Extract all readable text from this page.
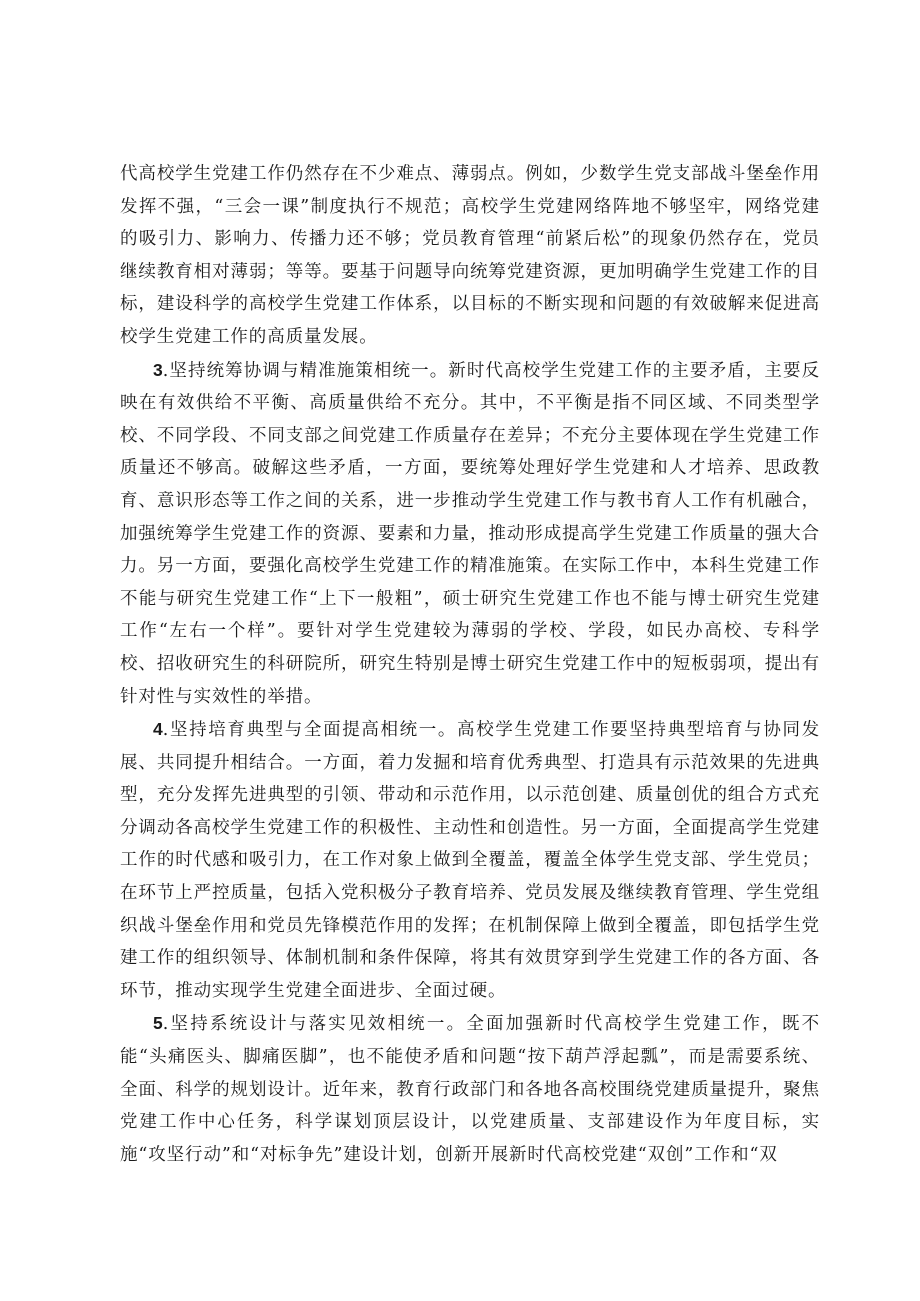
代高校学生党建工作仍然存在不少难点、薄弱点。例如，少数学生党支部战斗堡垒作用发挥不强，“三会一课”制度执行不规范；高校学生党建网络阵地不够坚牢，网络党建的吸引力、影响力、传播力还不够；党员教育管理“前紧后松”的现象仍然存在，党员继续教育相对薄弱；等等。要基于问题导向统筹党建资源，更加明确学生党建工作的目标，建设科学的高校学生党建工作体系，以目标的不断实现和问题的有效破解来促进高校学生党建工作的高质量发展。

3.坚持统筹协调与精准施策相统一。新时代高校学生党建工作的主要矛盾，主要反映在有效供给不平衡、高质量供给不充分。其中，不平衡是指不同区域、不同类型学校、不同学段、不同支部之间党建工作质量存在差异；不充分主要体现在学生党建工作质量还不够高。破解这些矛盾，一方面，要统筹处理好学生党建和人才培养、思政教育、意识形态等工作之间的关系，进一步推动学生党建工作与教书育人工作有机融合，加强统筹学生党建工作的资源、要素和力量，推动形成提高学生党建工作质量的强大合力。另一方面，要强化高校学生党建工作的精准施策。在实际工作中，本科生党建工作不能与研究生党建工作“上下一般粗”，硕士研究生党建工作也不能与博士研究生党建工作“左右一个样”。要针对学生党建较为薄弱的学校、学段，如民办高校、专科学校、招收研究生的科研院所，研究生特别是博士研究生党建工作中的短板弱项，提出有针对性与实效性的举措。

4.坚持培育典型与全面提高相统一。高校学生党建工作要坚持典型培育与协同发展、共同提升相结合。一方面，着力发掘和培育优秀典型、打造具有示范效果的先进典型，充分发挥先进典型的引领、带动和示范作用，以示范创建、质量创优的组合方式充分调动各高校学生党建工作的积极性、主动性和创造性。另一方面，全面提高学生党建工作的时代感和吸引力，在工作对象上做到全覆盖，覆盖全体学生党支部、学生党员；在环节上严控质量，包括入党积极分子教育培养、党员发展及继续教育管理、学生党组织战斗堡垒作用和党员先锋模范作用的发挥；在机制保障上做到全覆盖，即包括学生党建工作的组织领导、体制机制和条件保障，将其有效贯穿到学生党建工作的各方面、各环节，推动实现学生党建全面进步、全面过硬。

5.坚持系统设计与落实见效相统一。全面加强新时代高校学生党建工作，既不能“头痛医头、脚痛医脚”，也不能使矛盾和问题“按下葫芦浮起瓢”，而是需要系统、全面、科学的规划设计。近年来，教育行政部门和各地各高校围绕党建质量提升，聚焦党建工作中心任务，科学谋划顶层设计，以党建质量、支部建设作为年度目标，实施“攻坚行动”和“对标争先”建设计划，创新开展新时代高校党建“双创”工作和“双
